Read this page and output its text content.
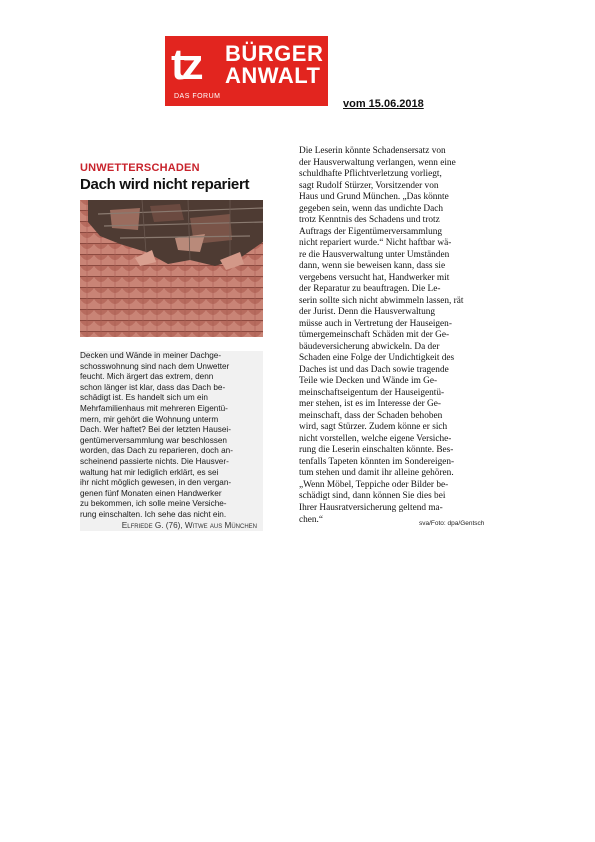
tz BÜRGER
ANWALT
DAS FORUM
vom 15.06.2018
UNWETTERSCHADEN
Dach wird nicht repariert
Decken und Wände in meiner Dachge-
schosswohnung sind nach dem Unwetter
feucht. Mich ärgert das extrem, denn
schon länger ist klar, dass das Dach be-
schädigt ist. Es handelt sich um ein
Mehrfamilienhaus mit mehreren Eigentü-
mern, mir gehört die Wohnung unterm
Dach. Wer haftet? Bei der letzten Hausei-
gentümerversammlung war beschlossen
worden, das Dach zu reparieren, doch an-
scheinend passierte nichts. Die Hausver-
waltung hat mir lediglich erklärt, es sei
ihr nicht möglich gewesen, in den vergan-
genen fünf Monaten einen Handwerker
zu bekommen, ich solle meine Versiche-
rung einschalten. Ich sehe das nicht ein.
Elfriede G. (76), Witwe aus München
Die Leserin könnte Schadensersatz von
der Hausverwaltung verlangen, wenn eine
schuldhafte Pflichtverletzung vorliegt,
sagt Rudolf Stürzer, Vorsitzender von
Haus und Grund München. „Das könnte
gegeben sein, wenn das undichte Dach
trotz Kenntnis des Schadens und trotz
Auftrags der Eigentümerversammlung
nicht repariert wurde.“ Nicht haftbar wä-
re die Hausverwaltung unter Umständen
dann, wenn sie beweisen kann, dass sie
vergebens versucht hat, Handwerker mit
der Reparatur zu beauftragen. Die Le-
serin sollte sich nicht abwimmeln lassen, rät
der Jurist. Denn die Hausverwaltung
müsse auch in Vertretung der Hauseigen-
tümergemeinschaft Schäden mit der Ge-
bäudeversicherung abwickeln. Da der
Schaden eine Folge der Undichtigkeit des
Daches ist und das Dach sowie tragende
Teile wie Decken und Wände im Ge-
meinschaftseigentum der Hauseigentü-
mer stehen, ist es im Interesse der Ge-
meinschaft, dass der Schaden behoben
wird, sagt Stürzer. Zudem könne er sich
nicht vorstellen, welche eigene Versiche-
rung die Leserin einschalten könnte. Bes-
tenfalls Tapeten könnten im Sondereigen-
tum stehen und damit ihr alleine gehören.
„Wenn Möbel, Teppiche oder Bilder be-
schädigt sind, dann können Sie dies bei
Ihrer Hausratversicherung geltend ma-
chen.“	sva/Foto: dpa/Gentsch
